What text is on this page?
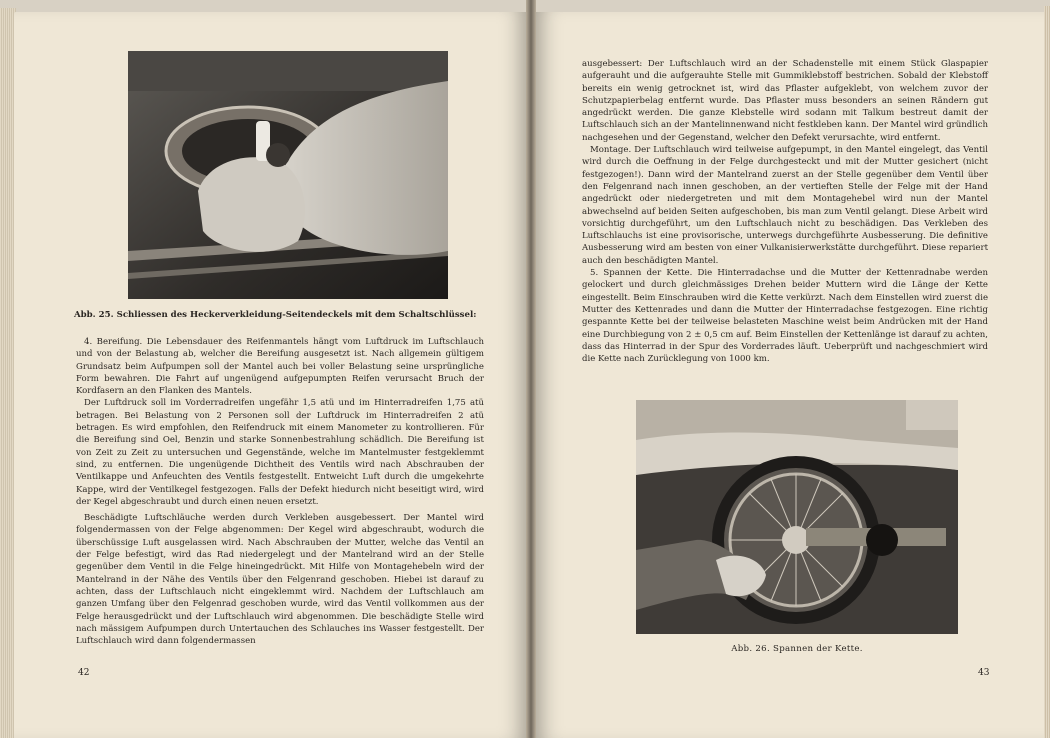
Abb. 25. Schliessen des Heckerverkleidung-Seitendeckels mit dem Schaltschlüssel:

4. Bereifung. Die Lebensdauer des Reifenmantels hängt vom Luftdruck im Luftschlauch und von der Belastung ab, welcher die Bereifung ausgesetzt ist. Nach allgemein gültigem Grundsatz beim Aufpumpen soll der Mantel auch bei voller Belastung seine ursprüngliche Form bewahren. Die Fahrt auf ungenügend aufgepumpten Reifen verursacht Bruch der Kordfasern an den Flanken des Mantels.

Der Luftdruck soll im Vorderradreifen ungefähr 1,5 atü und im Hinterradreifen 1,75 atü betragen. Bei Belastung von 2 Personen soll der Luftdruck im Hinterradreifen 2 atü betragen. Es wird empfohlen, den Reifendruck mit einem Manometer zu kontrollieren. Für die Bereifung sind Oel, Benzin und starke Sonnenbestrahlung schädlich. Die Bereifung ist von Zeit zu Zeit zu untersuchen und Gegenstände, welche im Mantelmuster festgeklemmt sind, zu entfernen. Die ungenügende Dichtheit des Ventils wird nach Abschrauben der Ventilkappe und Anfeuchten des Ventils festgestellt. Entweicht Luft durch die umgekehrte Kappe, wird der Ventilkegel festgezogen. Falls der Defekt hiedurch nicht beseitigt wird, wird der Kegel abgeschraubt und durch einen neuen ersetzt.

Beschädigte Luftschläuche werden durch Verkleben ausgebessert. Der Mantel wird folgendermassen von der Felge abgenommen: Der Kegel wird abgeschraubt, wodurch die überschüssige Luft ausgelassen wird. Nach Abschrauben der Mutter, welche das Ventil an der Felge befestigt, wird das Rad niedergelegt und der Mantelrand wird an der Stelle gegenüber dem Ventil in die Felge hineingedrückt. Mit Hilfe von Montagehebeln wird der Mantelrand in der Nähe des Ventils über den Felgenrand geschoben. Hiebei ist darauf zu achten, dass der Luftschlauch nicht eingeklemmt wird. Nachdem der Luftschlauch am ganzen Umfang über den Felgenrad geschoben wurde, wird das Ventil vollkommen aus der Felge herausgedrückt und der Luftschlauch wird abgenommen. Die beschädigte Stelle wird nach mässigem Aufpumpen durch Untertauchen des Schlauches ins Wasser festgestellt. Der Luftschlauch wird dann folgendermassen

42

ausgebessert: Der Luftschlauch wird an der Schadenstelle mit einem Stück Glaspapier aufgerauht und die aufgerauhte Stelle mit Gummiklebstoff bestrichen. Sobald der Klebstoff bereits ein wenig getrocknet ist, wird das Pflaster aufgeklebt, von welchem zuvor der Schutzpapierbelag entfernt wurde. Das Pflaster muss besonders an seinen Rändern gut angedrückt werden. Die ganze Klebstelle wird sodann mit Talkum bestreut damit der Luftschlauch sich an der Mantelinnenwand nicht festkleben kann. Der Mantel wird gründlich nachgesehen und der Gegenstand, welcher den Defekt verursachte, wird entfernt.

Montage. Der Luftschlauch wird teilweise aufgepumpt, in den Mantel eingelegt, das Ventil wird durch die Oeffnung in der Felge durchgesteckt und mit der Mutter gesichert (nicht festgezogen!). Dann wird der Mantelrand zuerst an der Stelle gegenüber dem Ventil über den Felgenrand nach innen geschoben, an der vertieften Stelle der Felge mit der Hand angedrückt oder niedergetreten und mit dem Montagehebel wird nun der Mantel abwechselnd auf beiden Seiten aufgeschoben, bis man zum Ventil gelangt. Diese Arbeit wird vorsichtig durchgeführt, um den Luftschlauch nicht zu beschädigen. Das Verkleben des Luftschlauchs ist eine provisorische, unterwegs durchgeführte Ausbesserung. Die definitive Ausbesserung wird am besten von einer Vulkanisierwerkstätte durchgeführt. Diese repariert auch den beschädigten Mantel.

5. Spannen der Kette. Die Hinterradachse und die Mutter der Kettenradnabe werden gelockert und durch gleichmässiges Drehen beider Muttern wird die Länge der Kette eingestellt. Beim Einschrauben wird die Kette verkürzt. Nach dem Einstellen wird zuerst die Mutter des Kettenrades und dann die Mutter der Hinterradachse festgezogen. Eine richtig gespannte Kette bei der teilweise belasteten Maschine weist beim Andrücken mit der Hand eine Durchbiegung von 2 ± 0,5 cm auf. Beim Einstellen der Kettenlänge ist darauf zu achten, dass das Hinterrad in der Spur des Vorderrades läuft. Ueberprüft und nachgeschmiert wird die Kette nach Zurücklegung von 1000 km.

Abb. 26. Spannen der Kette.
43
